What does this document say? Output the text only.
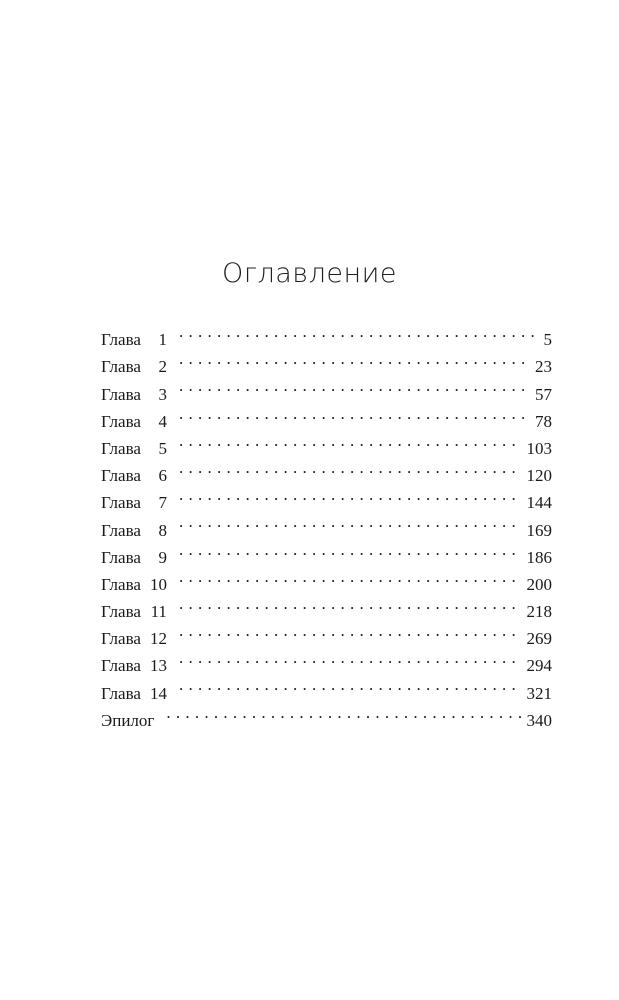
Оглавление
Глава 1 . . .	5
Глава 2 . . .	23
Глава 3 . . .	57
Глава 4 . . .	78
Глава 5 . . .	103
Глава 6 . . .	120
Глава 7 . . .	144
Глава 8 . . .	169
Глава 9 . . .	186
Глава 10 . . .	200
Глава 11 . . .	218
Глава 12 . . .	269
Глава 13 . . .	294
Глава 14 . . .	321
Эпилог . . .	340
